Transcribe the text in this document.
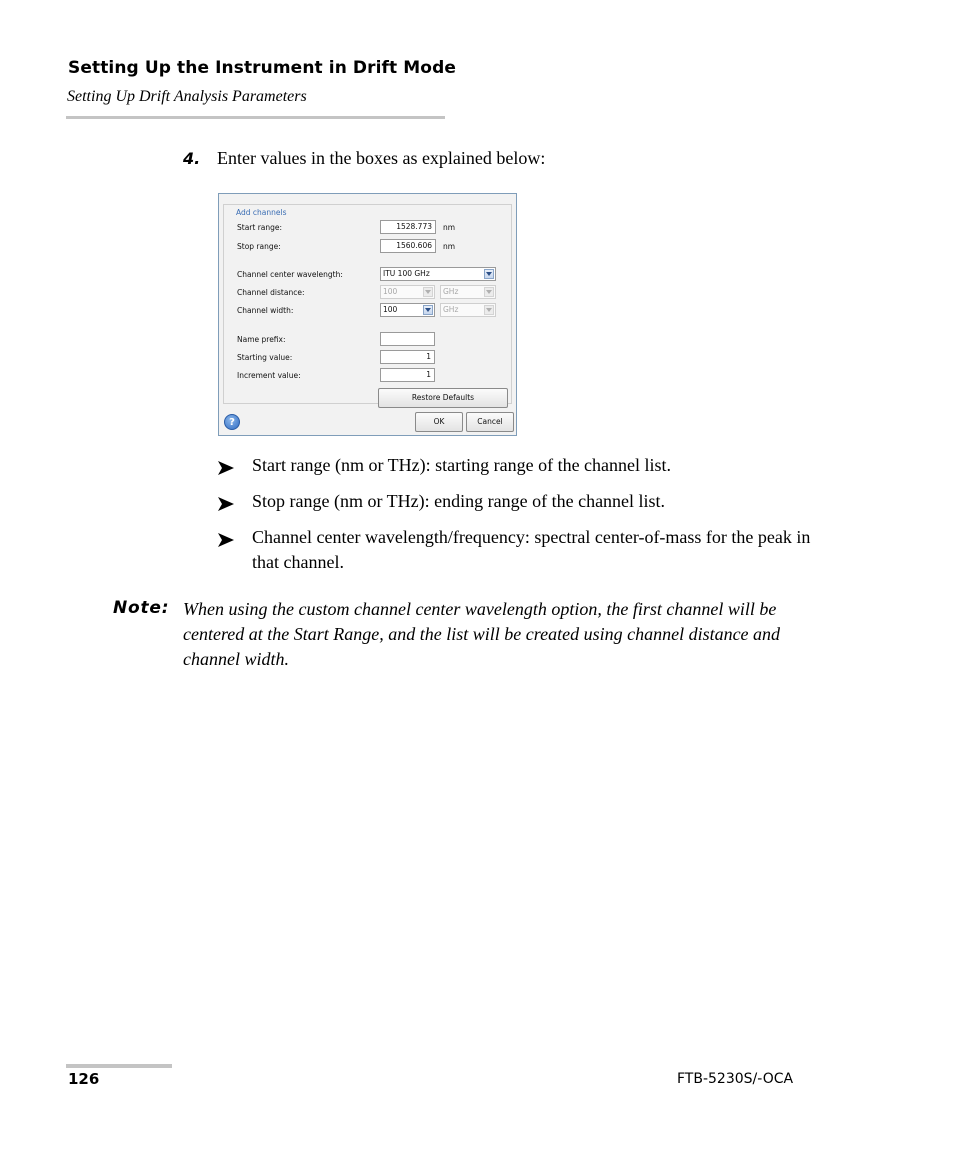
Setting Up the Instrument in Drift Mode
Setting Up Drift Analysis Parameters
4. Enter values in the boxes as explained below:
Add channels
Start range:	1528.773	nm
Stop range:	1560.606	nm
Channel center wavelength:	ITU 100 GHz
Channel distance:	100	GHz
Channel width:	100	GHz
Name prefix:
Starting value:	1
Increment value:	1
Restore Defaults
?	OK	Cancel
Start range (nm or THz): starting range of the channel list.
Stop range (nm or THz): ending range of the channel list.
Channel center wavelength/frequency: spectral center-of-mass for the peak in that channel.
Note: When using the custom channel center wavelength option, the first channel will be centered at the Start Range, and the list will be created using channel distance and channel width.
126	FTB-5230S/-OCA
